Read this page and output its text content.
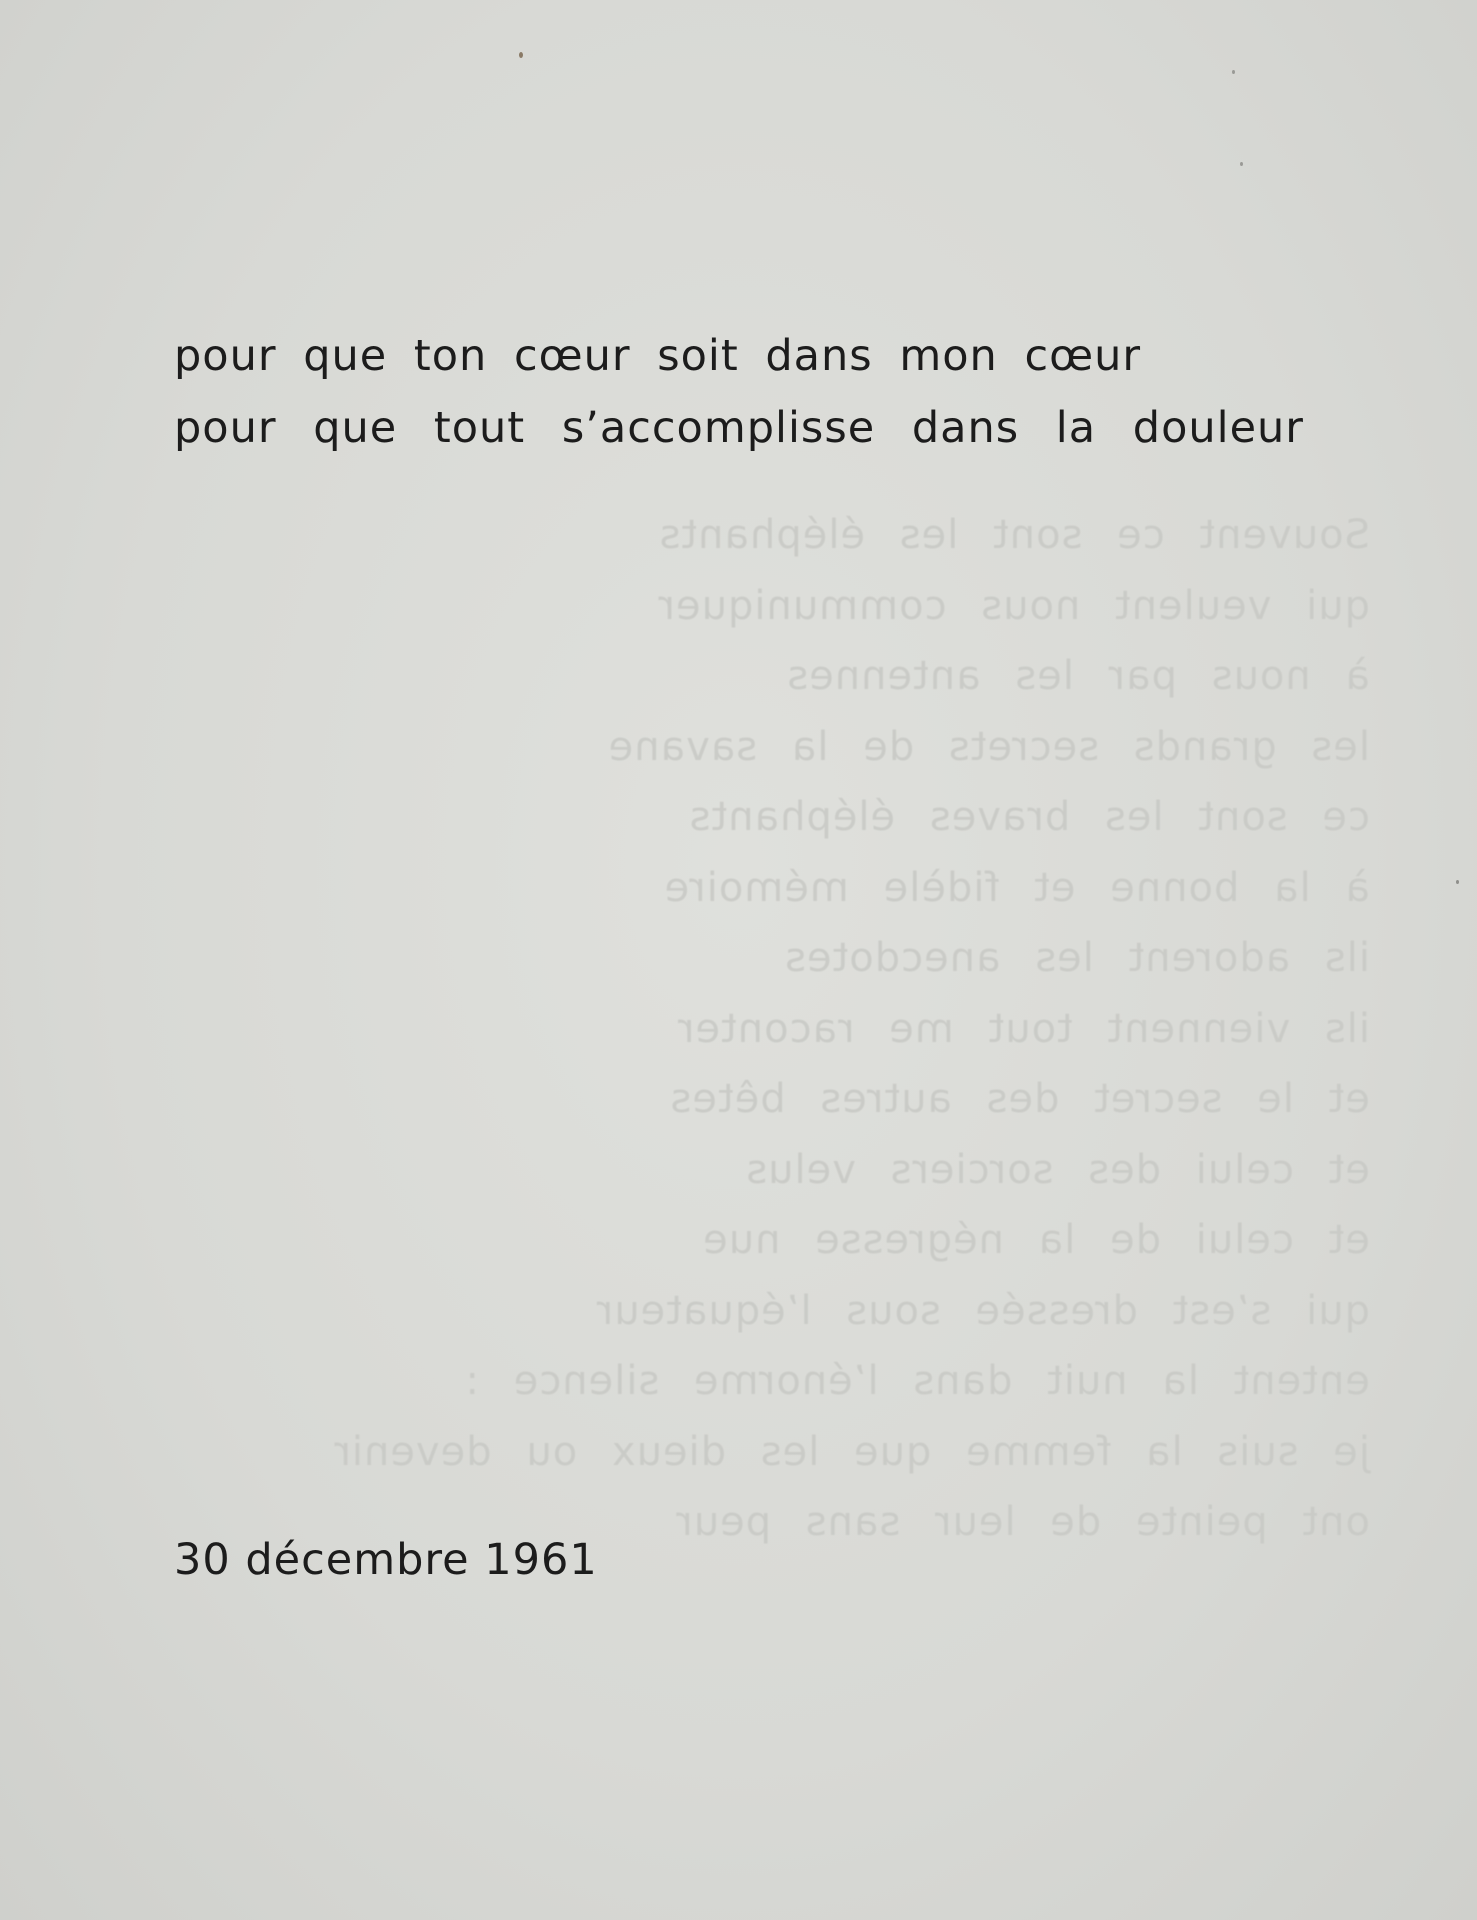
Souvent ce sont les éléphants
qui veulent nous communiquer
à nous par les antennes
les grands secrets de la savane
ce sont les braves éléphants
à la bonne et fidèle mémoire
ils adorent les anecdotes
ils viennent tout me raconter
et le secret des autres bêtes
et celui des sorciers velus
et celui de la négresse nue
qui s’est dressée sous l’équateur
entent la nuit dans l’énorme silence :
je suis la femme que les dieux ou devenir
ont peinte de leur sans peur
pour que ton cœur soit dans mon cœur
pour que tout s’accomplisse dans la douleur
30 décembre 1961
